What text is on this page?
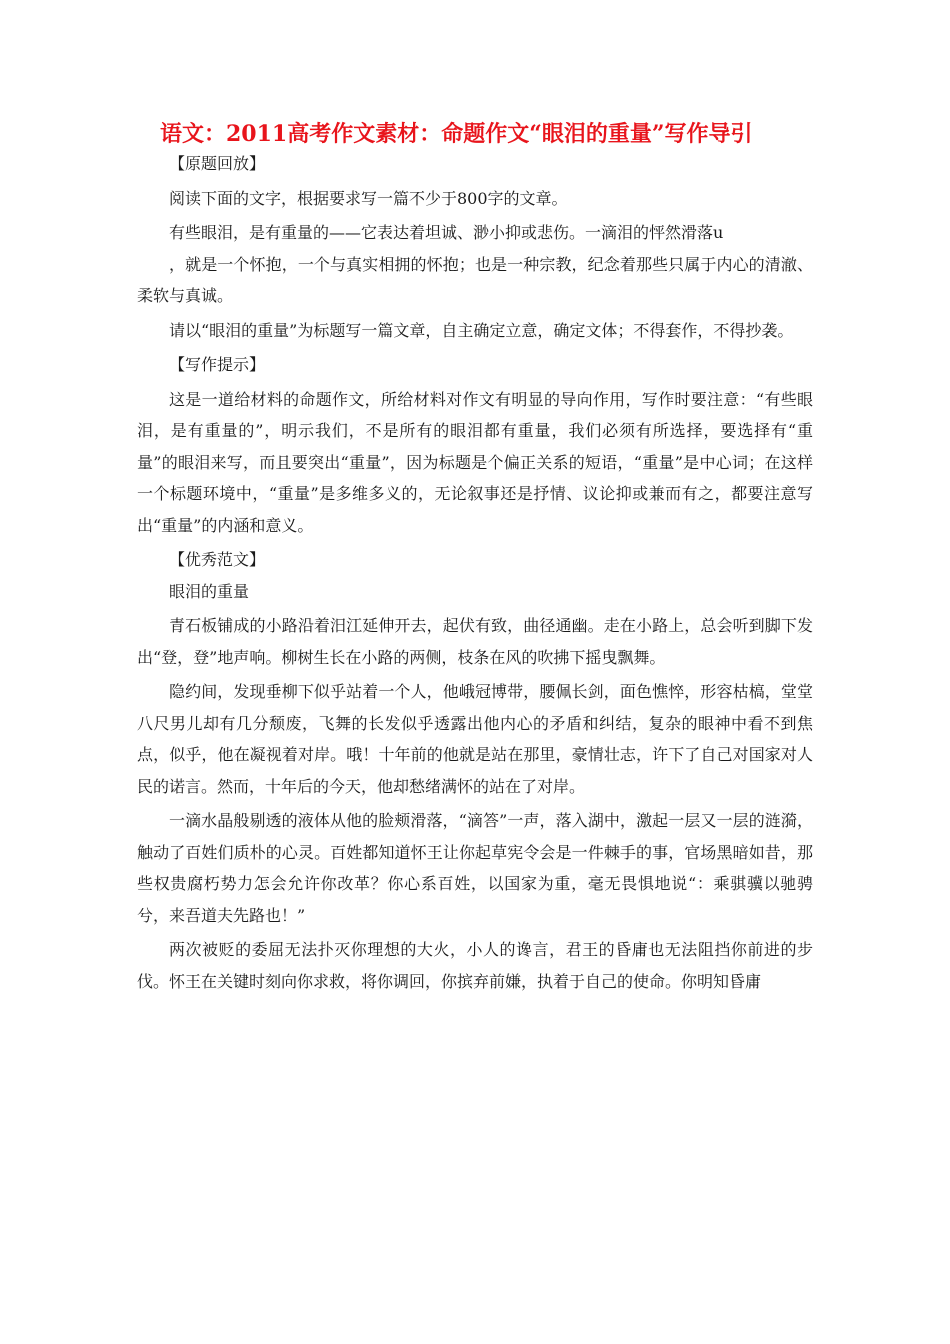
语文：2011高考作文素材：命题作文“眼泪的重量”写作导引

【原题回放】

阅读下面的文字，根据要求写一篇不少于800字的文章。

有些眼泪，是有重量的——它表达着坦诚、渺小抑或悲伤。一滴泪的怦然滑落u

，就是一个怀抱，一个与真实相拥的怀抱；也是一种宗教，纪念着那些只属于内心的清澈、柔软与真诚。

请以“眼泪的重量”为标题写一篇文章，自主确定立意，确定文体；不得套作，不得抄袭。

【写作提示】

这是一道给材料的命题作文，所给材料对作文有明显的导向作用，写作时要注意：“有些眼泪，是有重量的”，明示我们，不是所有的眼泪都有重量，我们必须有所选择，要选择有“重量”的眼泪来写，而且要突出“重量”，因为标题是个偏正关系的短语，“重量”是中心词；在这样一个标题环境中，“重量”是多维多义的，无论叙事还是抒情、议论抑或兼而有之，都要注意写出“重量”的内涵和意义。

【优秀范文】

眼泪的重量

青石板铺成的小路沿着汨江延伸开去，起伏有致，曲径通幽。走在小路上，总会听到脚下发出“登，登”地声响。柳树生长在小路的两侧，枝条在风的吹拂下摇曳飘舞。

隐约间，发现垂柳下似乎站着一个人，他峨冠博带，腰佩长剑，面色憔悴，形容枯槁，堂堂八尺男儿却有几分颓废，飞舞的长发似乎透露出他内心的矛盾和纠结，复杂的眼神中看不到焦点，似乎，他在凝视着对岸。哦！十年前的他就是站在那里，豪情壮志，许下了自己对国家对人民的诺言。然而，十年后的今天，他却愁绪满怀的站在了对岸。

一滴水晶般剔透的液体从他的脸颊滑落，“滴答”一声，落入湖中，激起一层又一层的涟漪，触动了百姓们质朴的心灵。百姓都知道怀王让你起草宪令会是一件棘手的事，官场黑暗如昔，那些权贵腐朽势力怎会允许你改革？你心系百姓，以国家为重，毫无畏惧地说“：乘骐骥以驰骋兮，来吾道夫先路也！”

两次被贬的委屈无法扑灭你理想的大火，小人的谗言，君王的昏庸也无法阻挡你前进的步伐。怀王在关键时刻向你求救，将你调回，你摈弃前嫌，执着于自己的使命。你明知昏庸
